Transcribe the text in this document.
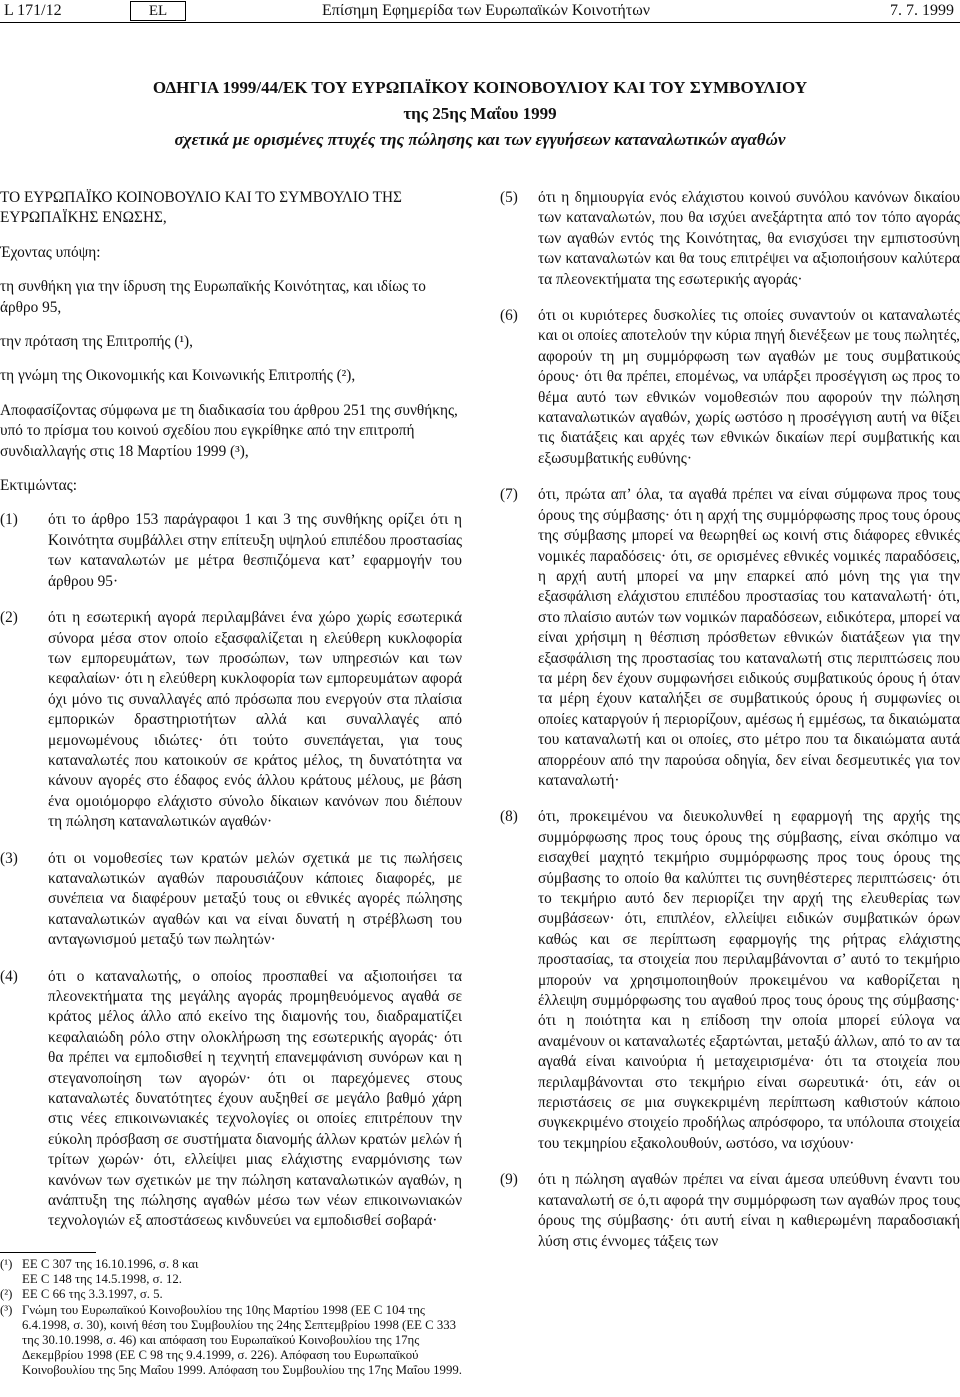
L 171/12	EL	Επίσημη Εφημερίδα των Ευρωπαϊκών Κοινοτήτων	7. 7. 1999
ΟΔΗΓΙΑ 1999/44/ΕΚ ΤΟΥ ΕΥΡΩΠΑΪΚΟΥ ΚΟΙΝΟΒΟΥΛΙΟΥ ΚΑΙ ΤΟΥ ΣΥΜΒΟΥΛΙΟΥ
της 25ης Μαΐου 1999
σχετικά με ορισμένες πτυχές της πώλησης και των εγγυήσεων καταναλωτικών αγαθών

ΤΟ ΕΥΡΩΠΑΪΚΟ ΚΟΙΝΟΒΟΥΛΙΟ ΚΑΙ ΤΟ ΣΥΜΒΟΥΛΙΟ ΤΗΣ ΕΥΡΩΠΑΪΚΗΣ ΕΝΩΣΗΣ,

Έχοντας υπόψη:

τη συνθήκη για την ίδρυση της Ευρωπαϊκής Κοινότητας, και ιδίως το άρθρο 95,

την πρόταση της Επιτροπής (¹),

τη γνώμη της Οικονομικής και Κοινωνικής Επιτροπής (²),

Αποφασίζοντας σύμφωνα με τη διαδικασία του άρθρου 251 της συνθήκης, υπό το πρίσμα του κοινού σχεδίου που εγκρίθηκε από την επιτροπή συνδιαλλαγής στις 18 Μαρτίου 1999 (³),

Εκτιμώντας:

(1) ότι το άρθρο 153 παράγραφοι 1 και 3 της συνθήκης ορίζει ότι η Κοινότητα συμβάλλει στην επίτευξη υψηλού επιπέδου προστασίας των καταναλωτών με μέτρα θεσπιζόμενα κατ’ εφαρμογήν του άρθρου 95·
(2) ότι η εσωτερική αγορά περιλαμβάνει ένα χώρο χωρίς εσωτερικά σύνορα μέσα στον οποίο εξασφαλίζεται η ελεύθερη κυκλοφορία των εμπορευμάτων, των προσώπων, των υπηρεσιών και των κεφαλαίων· ότι η ελεύθερη κυκλοφορία των εμπορευμάτων αφορά όχι μόνο τις συναλλαγές από πρόσωπα που ενεργούν στα πλαίσια εμπορικών δραστηριοτήτων αλλά και συναλλαγές από μεμονωμένους ιδιώτες· ότι τούτο συνεπάγεται, για τους καταναλωτές που κατοικούν σε κράτος μέλος, τη δυνατότητα να κάνουν αγορές στο έδαφος ενός άλλου κράτους μέλους, με βάση ένα ομοιόμορφο ελάχιστο σύνολο δίκαιων κανόνων που διέπουν τη πώληση καταναλωτικών αγαθών·
(3) ότι οι νομοθεσίες των κρατών μελών σχετικά με τις πωλήσεις καταναλωτικών αγαθών παρουσιάζουν κάποιες διαφορές, με συνέπεια να διαφέρουν μεταξύ τους οι εθνικές αγορές πώλησης καταναλωτικών αγαθών και να είναι δυνατή η στρέβλωση του ανταγωνισμού μεταξύ των πωλητών·
(4) ότι ο καταναλωτής, ο οποίος προσπαθεί να αξιοποιήσει τα πλεονεκτήματα της μεγάλης αγοράς προμηθευόμενος αγαθά σε κράτος μέλος άλλο από εκείνο της διαμονής του, διαδραματίζει κεφαλαιώδη ρόλο στην ολοκλήρωση της εσωτερικής αγοράς· ότι θα πρέπει να εμποδισθεί η τεχνητή επανεμφάνιση συνόρων και η στεγανοποίηση των αγορών· ότι οι παρεχόμενες στους καταναλωτές δυνατότητες έχουν αυξηθεί σε μεγάλο βαθμό χάρη στις νέες επικοινωνιακές τεχνολογίες οι οποίες επιτρέπουν την εύκολη πρόσβαση σε συστήματα διανομής άλλων κρατών μελών ή τρίτων χωρών· ότι, ελλείψει μιας ελάχιστης εναρμόνισης των κανόνων των σχετικών με την πώληση καταναλωτικών αγαθών, η ανάπτυξη της πώλησης αγαθών μέσω των νέων επικοινωνιακών τεχνολογιών εξ αποστάσεως κινδυνεύει να εμποδισθεί σοβαρά·
(¹) ΕΕ C 307 της 16.10.1996, σ. 8 και
ΕΕ C 148 της 14.5.1998, σ. 12.
(²) ΕΕ C 66 της 3.3.1997, σ. 5.
(³) Γνώμη του Ευρωπαϊκού Κοινοβουλίου της 10ης Μαρτίου 1998 (ΕΕ C 104 της 6.4.1998, σ. 30), κοινή θέση του Συμβουλίου της 24ης Σεπτεμβρίου 1998 (ΕΕ C 333 της 30.10.1998, σ. 46) και απόφαση του Ευρωπαϊκού Κοινοβουλίου της 17ης Δεκεμβρίου 1998 (ΕΕ C 98 της 9.4.1999, σ. 226). Απόφαση του Ευρωπαϊκού Κοινοβουλίου της 5ης Μαΐου 1999. Απόφαση του Συμβουλίου της 17ης Μαΐου 1999.
(5) ότι η δημιουργία ενός ελάχιστου κοινού συνόλου κανόνων δικαίου των καταναλωτών, που θα ισχύει ανεξάρτητα από τον τόπο αγοράς των αγαθών εντός της Κοινότητας, θα ενισχύσει την εμπιστοσύνη των καταναλωτών και θα τους επιτρέψει να αξιοποιήσουν καλύτερα τα πλεονεκτήματα της εσωτερικής αγοράς·
(6) ότι οι κυριότερες δυσκολίες τις οποίες συναντούν οι καταναλωτές και οι οποίες αποτελούν την κύρια πηγή διενέξεων με τους πωλητές, αφορούν τη μη συμμόρφωση των αγαθών με τους συμβατικούς όρους· ότι θα πρέπει, επομένως, να υπάρξει προσέγγιση ως προς το θέμα αυτό των εθνικών νομοθεσιών που αφορούν την πώληση καταναλωτικών αγαθών, χωρίς ωστόσο η προσέγγιση αυτή να θίξει τις διατάξεις και αρχές των εθνικών δικαίων περί συμβατικής και εξωσυμβατικής ευθύνης·
(7) ότι, πρώτα απ’ όλα, τα αγαθά πρέπει να είναι σύμφωνα προς τους όρους της σύμβασης· ότι η αρχή της συμμόρφωσης προς τους όρους της σύμβασης μπορεί να θεωρηθεί ως κοινή στις διάφορες εθνικές νομικές παραδόσεις· ότι, σε ορισμένες εθνικές νομικές παραδόσεις, η αρχή αυτή μπορεί να μην επαρκεί από μόνη της για την εξασφάλιση ελάχιστου επιπέδου προστασίας του καταναλωτή· ότι, στο πλαίσιο αυτών των νομικών παραδόσεων, ειδικότερα, μπορεί να είναι χρήσιμη η θέσπιση πρόσθετων εθνικών διατάξεων για την εξασφάλιση της προστασίας του καταναλωτή στις περιπτώσεις που τα μέρη δεν έχουν συμφωνήσει ειδικούς συμβατικούς όρους ή όταν τα μέρη έχουν καταλήξει σε συμβατικούς όρους ή συμφωνίες οι οποίες καταργούν ή περιορίζουν, αμέσως ή εμμέσως, τα δικαιώματα του καταναλωτή και οι οποίες, στο μέτρο που τα δικαιώματα αυτά απορρέουν από την παρούσα οδηγία, δεν είναι δεσμευτικές για τον καταναλωτή·
(8) ότι, προκειμένου να διευκολυνθεί η εφαρμογή της αρχής της συμμόρφωσης προς τους όρους της σύμβασης, είναι σκόπιμο να εισαχθεί μαχητό τεκμήριο συμμόρφωσης προς τους όρους της σύμβασης το οποίο θα καλύπτει τις συνηθέστερες περιπτώσεις· ότι το τεκμήριο αυτό δεν περιορίζει την αρχή της ελευθερίας των συμβάσεων· ότι, επιπλέον, ελλείψει ειδικών συμβατικών όρων καθώς και σε περίπτωση εφαρμογής της ρήτρας ελάχιστης προστασίας, τα στοιχεία που περιλαμβάνονται σ’ αυτό το τεκμήριο μπορούν να χρησιμοποιηθούν προκειμένου να καθορίζεται η έλλειψη συμμόρφωσης του αγαθού προς τους όρους της σύμβασης· ότι η ποιότητα και η επίδοση την οποία μπορεί εύλογα να αναμένουν οι καταναλωτές εξαρτώνται, μεταξύ άλλων, από το αν τα αγαθά είναι καινούρια ή μεταχειρισμένα· ότι τα στοιχεία που περιλαμβάνονται στο τεκμήριο είναι σωρευτικά· ότι, εάν οι περιστάσεις σε μια συγκεκριμένη περίπτωση καθιστούν κάποιο συγκεκριμένο στοιχείο προδήλως απρόσφορο, τα υπόλοιπα στοιχεία του τεκμηρίου εξακολουθούν, ωστόσο, να ισχύουν·
(9) ότι η πώληση αγαθών πρέπει να είναι άμεσα υπεύθυνη έναντι του καταναλωτή σε ό,τι αφορά την συμμόρφωση των αγαθών προς τους όρους της σύμβασης· ότι αυτή είναι η καθιερωμένη παραδοσιακή λύση στις έννομες τάξεις των
